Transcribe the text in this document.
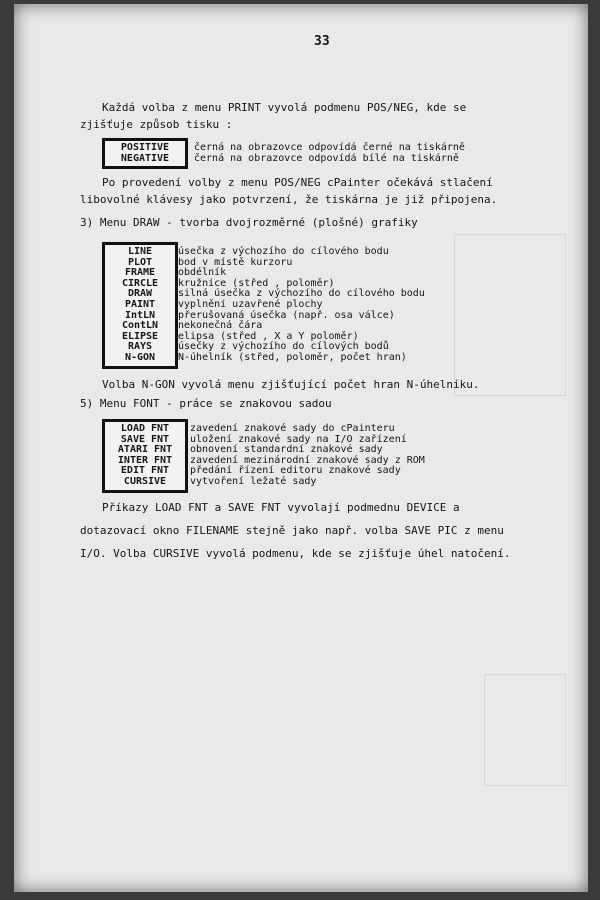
33
Každá volba z menu PRINT vyvolá podmenu POS/NEG, kde se
zjišťuje způsob tisku :
POSITIVE
NEGATIVE
černá na obrazovce odpovídá černé na tiskárně
černá na obrazovce odpovídá bílé na tiskárně
Po provedení volby z menu POS/NEG cPainter očekává stlačení
libovolné klávesy jako potvrzení, že tiskárna je již připojena.
3) Menu DRAW - tvorba dvojrozměrné (plošné) grafiky
LINE
PLOT
FRAME
CIRCLE
DRAW
PAINT
IntLN
ContLN
ELIPSE
RAYS
N-GON
úsečka z výchozího do cílového bodu
bod v místě kurzoru
obdélník
kružnice (střed , poloměr)
silná úsečka z výchozího do cílového bodu
vyplnění uzavřené plochy
přerušovaná úsečka (např. osa válce)
nekonečná čára
elipsa (střed , X a Y poloměr)
úsečky z výchozího do cílových bodů
N-úhelník (střed, poloměr, počet hran)
Volba N-GON vyvolá menu zjišťující počet hran N-úhelníku.
5) Menu FONT - práce se znakovou sadou
LOAD FNT
SAVE FNT
ATARI FNT
INTER FNT
EDIT FNT
CURSIVE
zavedení znakové sady do cPainteru
uložení znakové sady na I/O zařízení
obnovení standardní znakové sady
zavedení mezinárodní znakové sady z ROM
předání řízení editoru znakové sady
vytvoření ležaté sady
Příkazy LOAD FNT a SAVE FNT vyvolají podmednu DEVICE a
dotazovací okno FILENAME stejně jako např. volba SAVE PIC z menu
I/O. Volba CURSIVE vyvolá podmenu, kde se zjišťuje úhel natočení.
